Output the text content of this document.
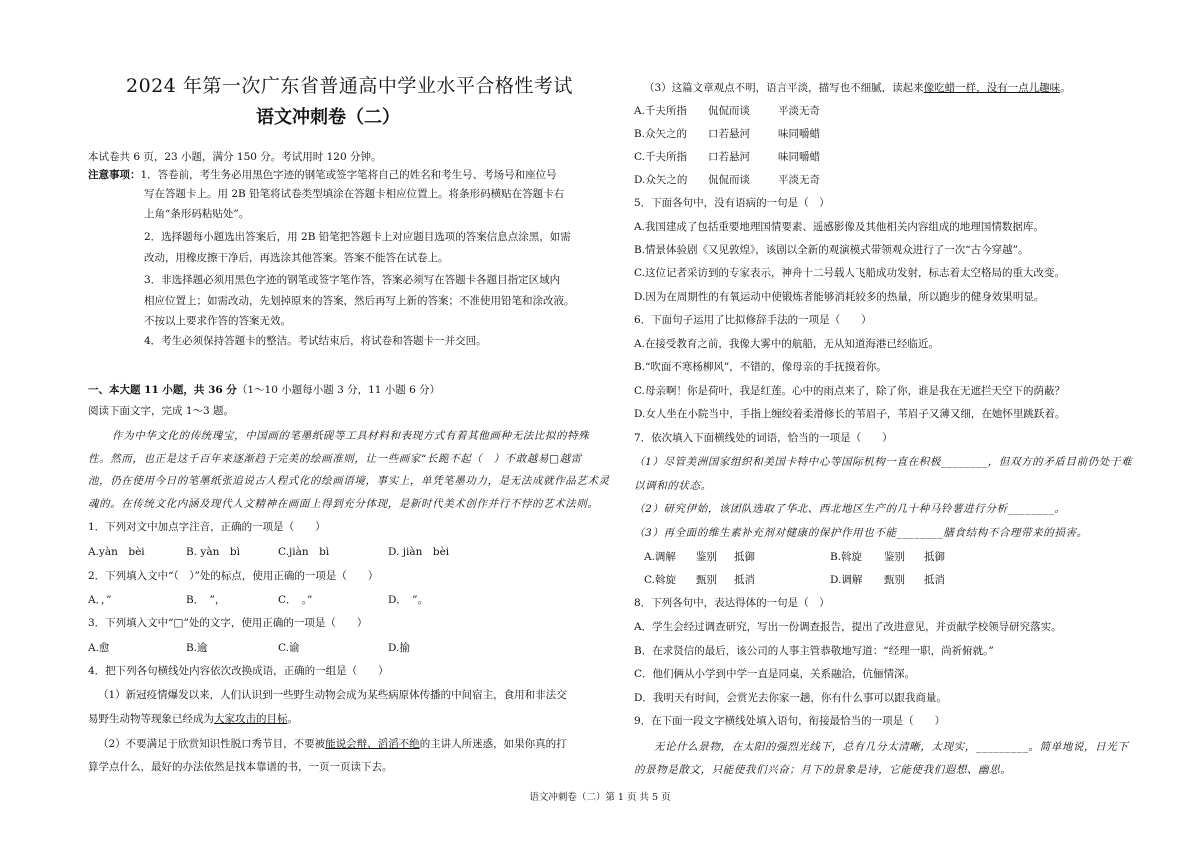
2024 年第一次广东省普通高中学业水平合格性考试
语文冲刺卷（二）
本试卷共 6 页，23 小题，满分 150 分。考试用时 120 分钟。
注意事项：1．答卷前，考生务必用黑色字迹的钢笔或签字笔将自己的姓名和考生号、考场号和座位号
写在答题卡上。用 2B 铅笔将试卷类型填涂在答题卡相应位置上。将条形码横贴在答题卡右
上角“条形码粘贴处”。
2．选择题每小题选出答案后，用 2B 铅笔把答题卡上对应题目选项的答案信息点涂黑，如需
改动，用橡皮擦干净后，再选涂其他答案。答案不能答在试卷上。
3．非选择题必须用黑色字迹的钢笔或签字笔作答，答案必须写在答题卡各题目指定区域内
相应位置上；如需改动，先划掉原来的答案，然后再写上新的答案；不准使用铅笔和涂改液。
不按以上要求作答的答案无效。
4．考生必须保持答题卡的整洁。考试结束后，将试卷和答题卡一并交回。
一、本大题 11 小题，共 36 分（1～10 小题每小题 3 分，11 小题 6 分）
阅读下面文字，完成 1～3 题。
作为中华文化的传统瑰宝，中国画的笔墨纸砚等工具材料和表现方式有着其他画种无法比拟的特殊
性。然而，也正是这千百年来逐渐趋于完美的绘画准则，让一些画家“长跪不起（　）不敢越易□越雷
池，仍在使用今日的笔墨纸张追说古人程式化的绘画语境，事实上，单凭笔墨功力，是无法成就作品艺术灵
魂的。在传统文化内涵及现代人文精神在画面上得到充分体现，是新时代美术创作并行不悖的艺术法则。
1．下列对文中加点字注音，正确的一项是（　　）
A.yàn　bèi	B. yàn　bì	C.jiàn　bì	D. jiàn　bèi
2．下列填入文中“（　）”处的标点，使用正确的一项是（　　）
A．，”	B．　”，	C．　。”	D．　”。
3．下列填入文中“□”处的文字，使用正确的一项是（　　）
A.愈	B.逾	C.谕	D.揄
4．把下列各句横线处内容依次改换成语，正确的一组是（　　）
（1）新冠疫情爆发以来，人们认识到一些野生动物会成为某些病原体传播的中间宿主，食用和非法交
易野生动物等现象已经成为大家攻击的目标。
（2）不要满足于欣赏知识性脱口秀节目，不要被能说会辩、滔滔不绝的主讲人所迷惑，如果你真的打
算学点什么，最好的办法依然是找本靠谱的书，一页一页读下去。
（3）这篇文章观点不明，语言平淡，描写也不细腻，读起来像吃蜡一样，没有一点儿趣味。
A.千夫所指	侃侃而谈	平淡无奇
B.众矢之的	口若悬河	味同嚼蜡
C.千夫所指	口若悬河	味同嚼蜡
D.众矢之的	侃侃而谈	平淡无奇
5．下面各句中，没有语病的一句是（　）
A.我国建成了包括重要地理国情要素、遥感影像及其他相关内容组成的地理国情数据库。
B.情景体验剧《又见敦煌》，该剧以全新的观演模式带领观众进行了一次“古今穿越”。
C.这位记者采访到的专家表示，神舟十二号载人飞船成功发射，标志着太空格局的重大改变。
D.因为在周期性的有氧运动中使锻炼者能够消耗较多的热量，所以跑步的健身效果明显。
6．下面句子运用了比拟修辞手法的一项是（　　）
A.在接受教育之前，我像大雾中的航船，无从知道海港已经临近。
B.“吹面不寒杨柳风”，不错的，像母亲的手抚摸着你。
C.母亲啊！你是荷叶，我是红莲。心中的雨点来了，除了你，谁是我在无遮拦天空下的荫蔽？
D.女人坐在小院当中，手指上缠绞着柔滑修长的苇眉子，苇眉子又薄又细，在她怀里跳跃着。
7．依次填入下面横线处的词语，恰当的一项是（　　）
（1）尽管美洲国家组织和美国卡特中心等国际机构一直在积极________，但双方的矛盾目前仍处于难
以调和的状态。
（2）研究伊始，该团队选取了华北、西北地区生产的几十种马铃薯进行分析________。
（3）再全面的维生素补充剂对健康的保护作用也不能________膳食结构不合理带来的损害。
A.调解	鉴别	抵御	B.斡旋	鉴别	抵御
C.斡旋	甄别	抵消	D.调解	甄别	抵消
8．下列各句中，表达得体的一句是（　）
A．学生会经过调查研究，写出一份调查报告，提出了改进意见，并贡献学校领导研究落实。
B．在求贤信的最后，该公司的人事主管恭敬地写道：“经理一职，尚祈俯就。”
C．他们俩从小学到中学一直是同桌，关系融洽，伉俪情深。
D．我明天有时间，会赏光去你家一趟，你有什么事可以跟我商量。
9．在下面一段文字横线处填入语句，衔接最恰当的一项是（　　）
无论什么景物，在太阳的强烈光线下，总有几分太清晰，太现实，_________。简单地说，日光下
的景物是散文，只能使我们兴奋；月下的景象是诗，它能使我们遐想、幽思。
语文冲刺卷（二）第 1 页 共 5 页
